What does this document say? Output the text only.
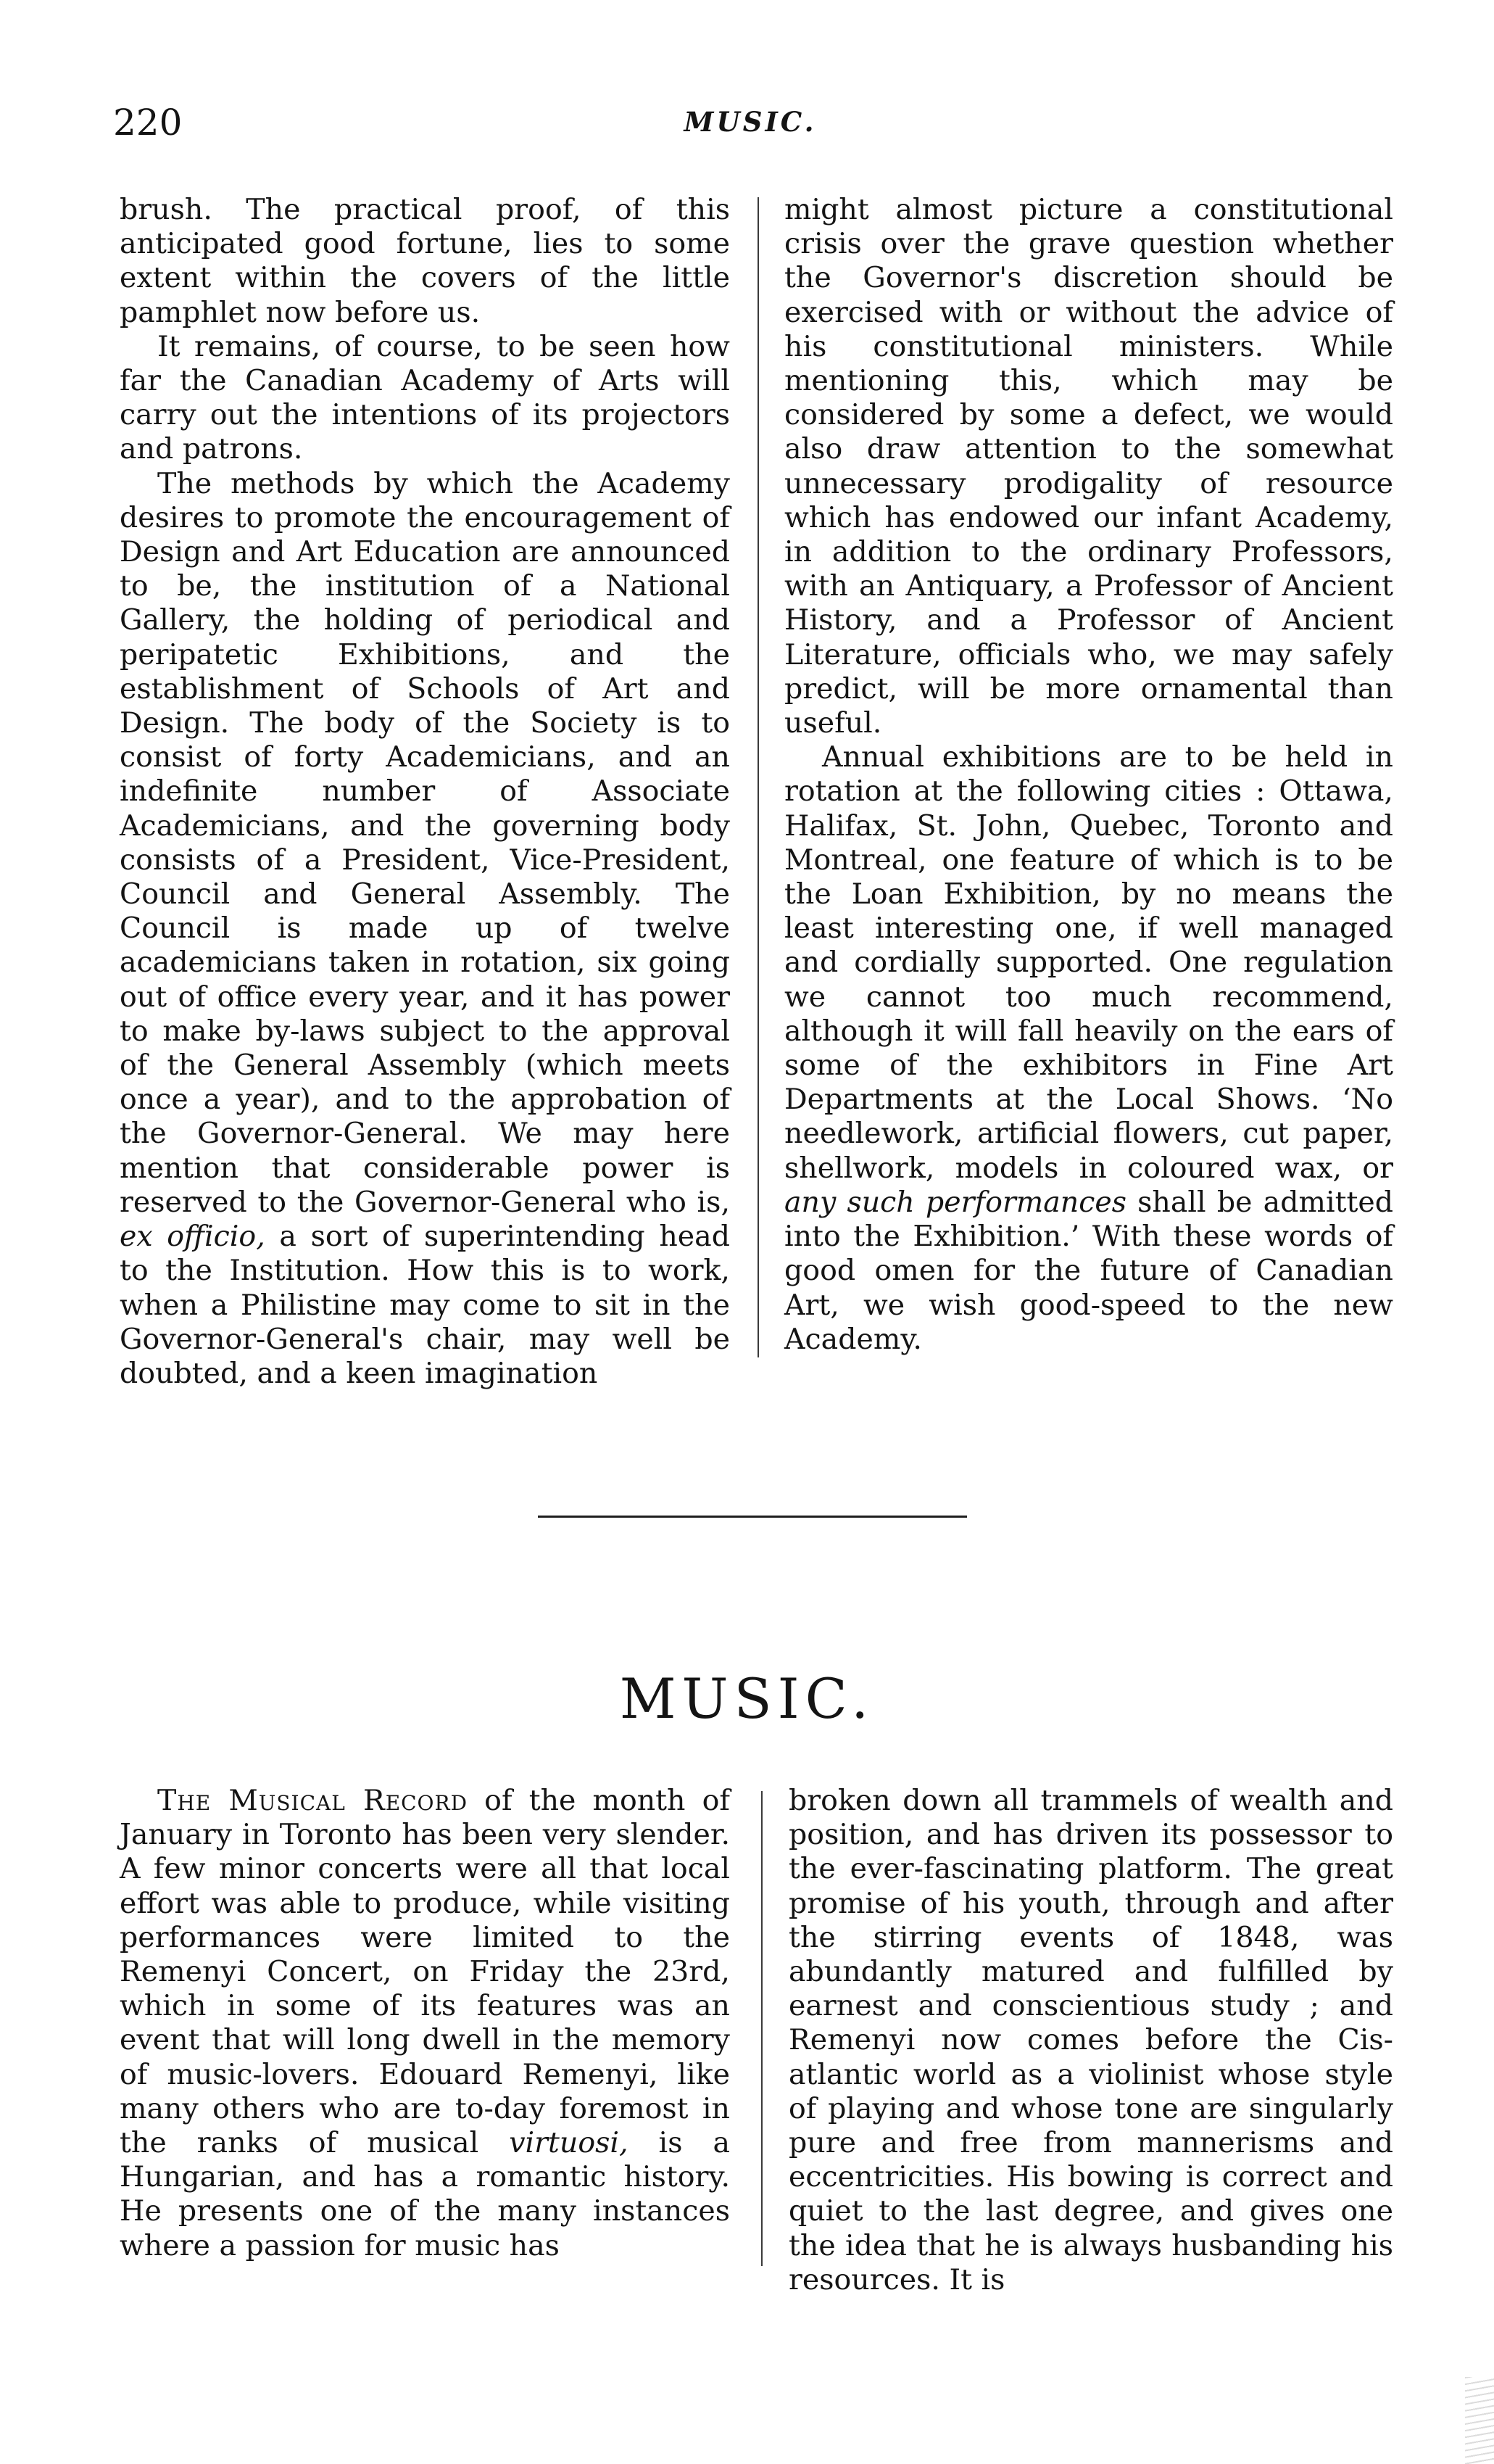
220	MUSIC.

brush. The practical proof, of this anticipated good fortune, lies to some extent within the covers of the little pamphlet now before us.

It remains, of course, to be seen how far the Canadian Academy of Arts will carry out the intentions of its projectors and patrons.

The methods by which the Academy desires to promote the encouragement of Design and Art Education are announced to be, the institution of a National Gallery, the holding of periodical and peripatetic Exhibitions, and the establishment of Schools of Art and Design. The body of the Society is to consist of forty Academicians, and an indefinite number of Associate Academicians, and the governing body consists of a President, Vice-President, Council and General Assembly. The Council is made up of twelve academicians taken in rotation, six going out of office every year, and it has power to make by-laws subject to the approval of the General Assembly (which meets once a year), and to the approbation of the Governor-General. We may here mention that considerable power is reserved to the Governor-General who is, ex officio, a sort of superintending head to the Institution. How this is to work, when a Philistine may come to sit in the Governor-General's chair, may well be doubted, and a keen imagination

might almost picture a constitutional crisis over the grave question whether the Governor's discretion should be exercised with or without the advice of his constitutional ministers. While mentioning this, which may be considered by some a defect, we would also draw attention to the somewhat unnecessary prodigality of resource which has endowed our infant Academy, in addition to the ordinary Professors, with an Antiquary, a Professor of Ancient History, and a Professor of Ancient Literature, officials who, we may safely predict, will be more ornamental than useful.

Annual exhibitions are to be held in rotation at the following cities : Ottawa, Halifax, St. John, Quebec, Toronto and Montreal, one feature of which is to be the Loan Exhibition, by no means the least interesting one, if well managed and cordially supported. One regulation we cannot too much recommend, although it will fall heavily on the ears of some of the exhibitors in Fine Art Departments at the Local Shows. ‘No needlework, artificial flowers, cut paper, shellwork, models in coloured wax, or any such performances shall be admitted into the Exhibition.’ With these words of good omen for the future of Canadian Art, we wish good-speed to the new Academy.

MUSIC.

The Musical Record of the month of January in Toronto has been very slender. A few minor concerts were all that local effort was able to produce, while visiting performances were limited to the Remenyi Concert, on Friday the 23rd, which in some of its features was an event that will long dwell in the memory of music-lovers. Edouard Remenyi, like many others who are to-day foremost in the ranks of musical virtuosi, is a Hungarian, and has a romantic history. He presents one of the many instances where a passion for music has

broken down all trammels of wealth and position, and has driven its possessor to the ever-fascinating platform. The great promise of his youth, through and after the stirring events of 1848, was abundantly matured and fulfilled by earnest and conscientious study ; and Remenyi now comes before the Cis-atlantic world as a violinist whose style of playing and whose tone are singularly pure and free from mannerisms and eccentricities. His bowing is correct and quiet to the last degree, and gives one the idea that he is always husbanding his resources. It is
